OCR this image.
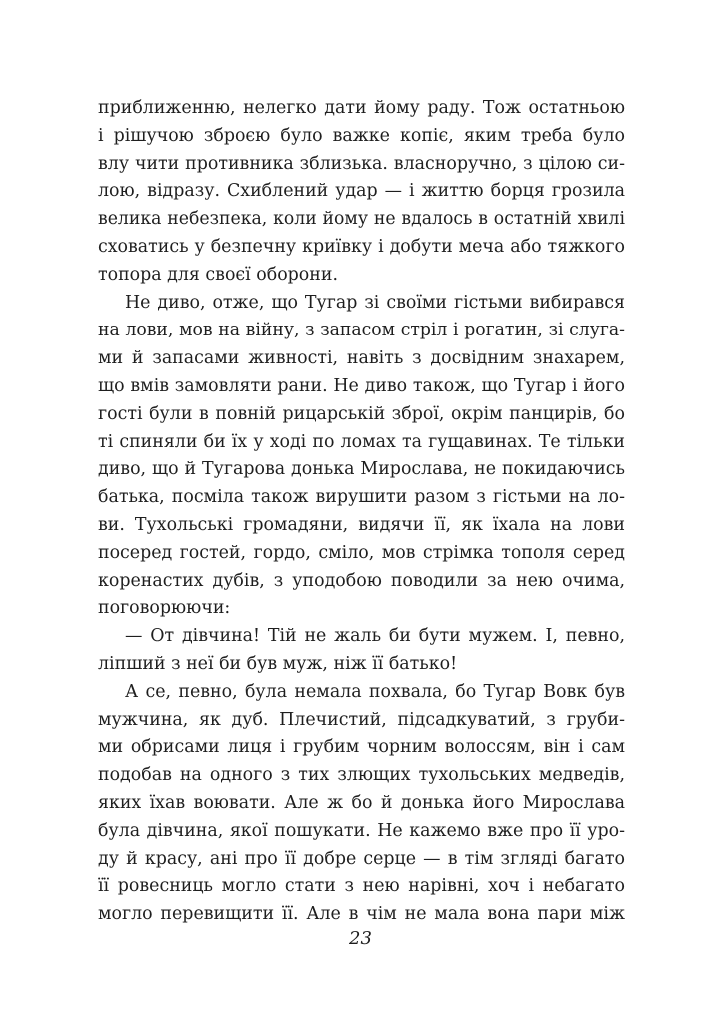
приближенню, нелегко дати йому раду. Тож остатньою
і рішучою зброєю було важке копіє, яким треба було
влу чити противника зблизька. власноручно, з цілою си-
лою, відразу. Схиблений удар — і життю борця грозила
велика небезпека, коли йому не вдалось в остатній хвилі
сховатись у безпечну криївку і добути меча або тяжкого
топора для своєї оборони.
Не диво, отже, що Тугар зі своїми гістьми вибирався
на лови, мов на війну, з запасом стріл і рогатин, зі слуга-
ми й запасами живності, навіть з досвідним знахарем,
що вмів замовляти рани. Не диво також, що Тугар і його
гості були в повній рицарській зброї, окрім панцирів, бо
ті спиняли би їх у ході по ломах та гущавинах. Те тільки
диво, що й Тугарова донька Мирослава, не покидаючись
батька, посміла також вирушити разом з гістьми на ло-
ви. Тухольські громадяни, видячи її, як їхала на лови
посеред гостей, гордо, сміло, мов стрімка тополя серед
коренастих дубів, з уподобою поводили за нею очима,
поговорюючи:
— От дівчина! Тій не жаль би бути мужем. І, певно,
ліпший з неї би був муж, ніж її батько!
А се, певно, була немала похвала, бо Тугар Вовк був
мужчина, як дуб. Плечистий, підсадкуватий, з груби-
ми обрисами лиця і грубим чорним волоссям, він і сам
подобав на одного з тих злющих тухольських медведів,
яких їхав воювати. Але ж бо й донька його Мирослава
була дівчина, якої пошукати. Не кажемо вже про її уро-
ду й красу, ані про її добре серце — в тім зглядi багато
її ровесниць могло стати з нею нарівні, хоч і небагато
могло перевищити її. Але в чім не мала вона пари між
23
